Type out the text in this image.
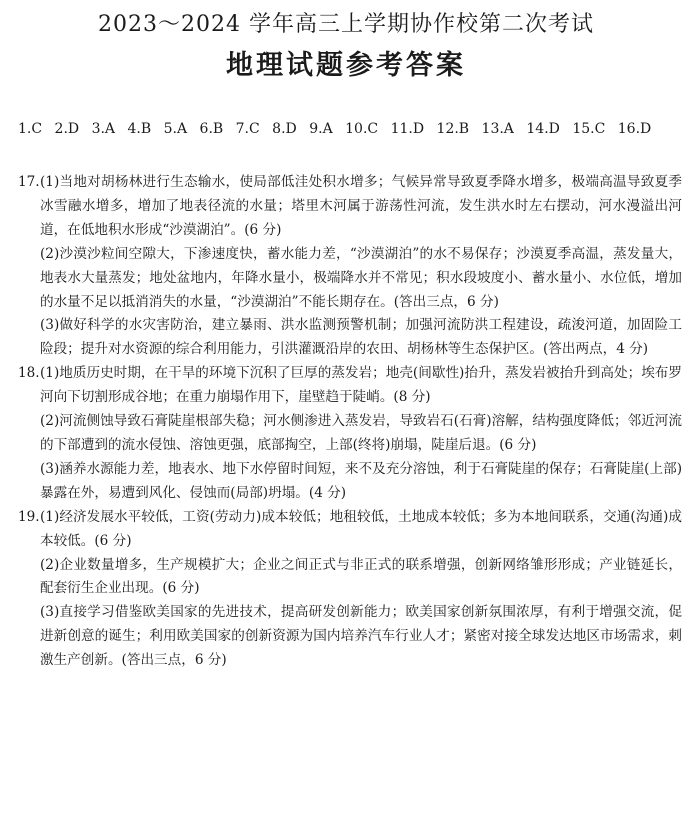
2023～2024 学年高三上学期协作校第二次考试
地理试题参考答案
1.C 2.D 3.A 4.B 5.A 6.B 7.C 8.D 9.A 10.C 11.D 12.B 13.A 14.D 15.C 16.D
17. (1)当地对胡杨林进行生态输水，使局部低洼处积水增多；气候异常导致夏季降水增多，极端高温导致夏季冰雪融水增多，增加了地表径流的水量；塔里木河属于游荡性河流，发生洪水时左右摆动，河水漫溢出河道，在低地积水形成“沙漠湖泊”。(6 分)

(2)沙漠沙粒间空隙大，下渗速度快，蓄水能力差，“沙漠湖泊”的水不易保存；沙漠夏季高温，蒸发量大，地表水大量蒸发；地处盆地内，年降水量小，极端降水并不常见；积水段坡度小、蓄水量小、水位低，增加的水量不足以抵消消失的水量，“沙漠湖泊”不能长期存在。(答出三点，6 分)

(3)做好科学的水灾害防治，建立暴雨、洪水监测预警机制；加强河流防洪工程建设，疏浚河道，加固险工险段；提升对水资源的综合利用能力，引洪灌溉沿岸的农田、胡杨林等生态保护区。(答出两点，4 分)

18. (1)地质历史时期，在干旱的环境下沉积了巨厚的蒸发岩；地壳(间歇性)抬升，蒸发岩被抬升到高处；埃布罗河向下切割形成谷地；在重力崩塌作用下，崖壁趋于陡峭。(8 分)

(2)河流侧蚀导致石膏陡崖根部失稳；河水侧渗进入蒸发岩，导致岩石(石膏)溶解，结构强度降低；邻近河流的下部遭到的流水侵蚀、溶蚀更强，底部掏空，上部(终将)崩塌，陡崖后退。(6 分)

(3)涵养水源能力差，地表水、地下水停留时间短，来不及充分溶蚀，利于石膏陡崖的保存；石膏陡崖(上部)暴露在外，易遭到风化、侵蚀而(局部)坍塌。(4 分)

19. (1)经济发展水平较低，工资(劳动力)成本较低；地租较低，土地成本较低；多为本地间联系，交通(沟通)成本较低。(6 分)

(2)企业数量增多，生产规模扩大；企业之间正式与非正式的联系增强，创新网络雏形形成；产业链延长，配套衍生企业出现。(6 分)

(3)直接学习借鉴欧美国家的先进技术，提高研发创新能力；欧美国家创新氛围浓厚，有利于增强交流，促进新创意的诞生；利用欧美国家的创新资源为国内培养汽车行业人才；紧密对接全球发达地区市场需求，刺激生产创新。(答出三点，6 分)
